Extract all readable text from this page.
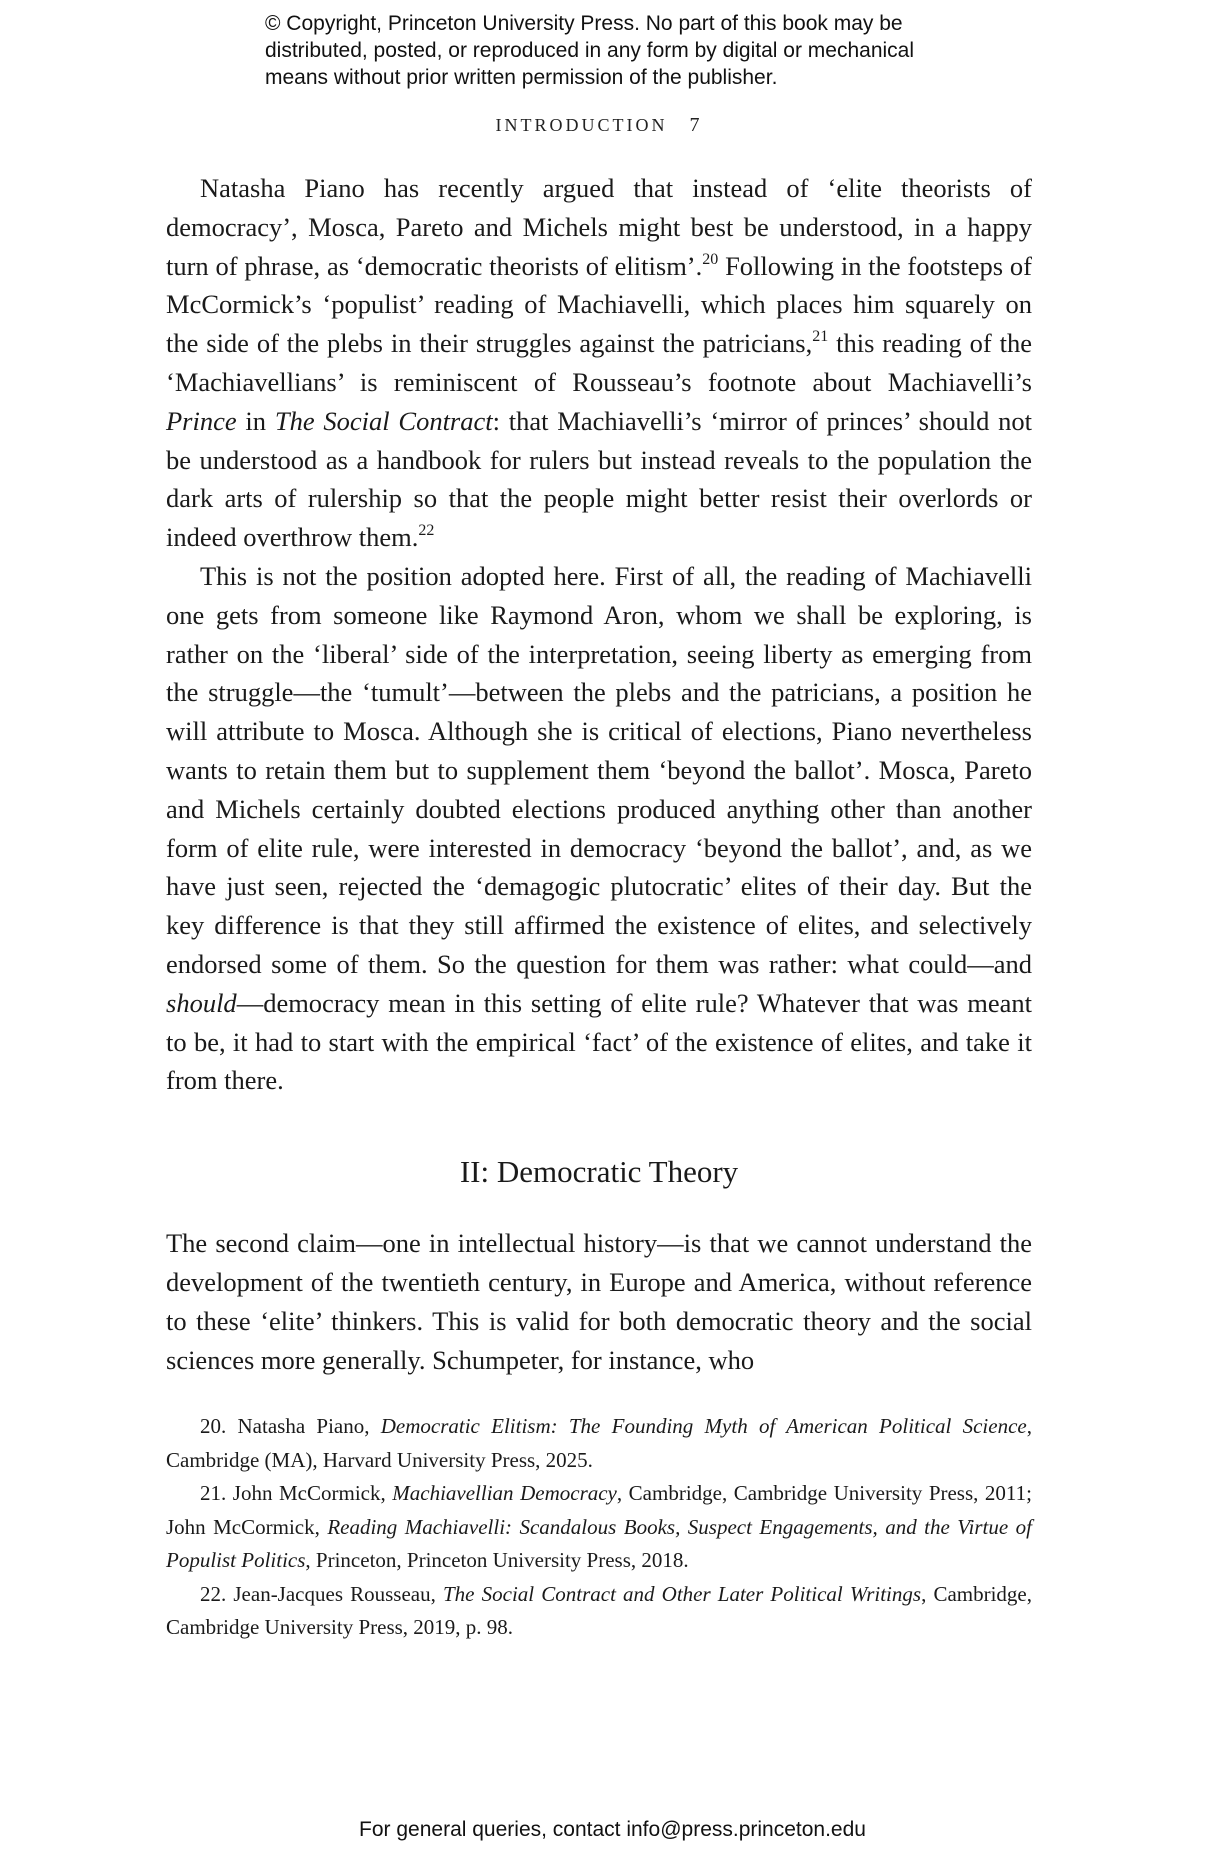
© Copyright, Princeton University Press. No part of this book may be
distributed, posted, or reproduced in any form by digital or mechanical
means without prior written permission of the publisher.
INTRODUCTION 7

Natasha Piano has recently argued that instead of ‘elite theorists of democracy’, Mosca, Pareto and Michels might best be understood, in a happy turn of phrase, as ‘democratic theorists of elitism’.$^{20}$ Following in the footsteps of McCormick’s ‘populist’ reading of Machiavelli, which places him squarely on the side of the plebs in their struggles against the patricians,$^{21}$ this reading of the ‘Machiavellians’ is reminiscent of Rousseau’s footnote about Machiavelli’s Prince in The Social Contract: that Machiavelli’s ‘mirror of princes’ should not be understood as a handbook for rulers but instead reveals to the population the dark arts of rulership so that the people might better resist their overlords or indeed overthrow them.$^{22}$

This is not the position adopted here. First of all, the reading of Machiavelli one gets from someone like Raymond Aron, whom we shall be exploring, is rather on the ‘liberal’ side of the interpretation, seeing liberty as emerging from the struggle—the ‘tumult’—between the plebs and the patricians, a position he will attribute to Mosca. Although she is critical of elections, Piano nevertheless wants to retain them but to supplement them ‘beyond the ballot’. Mosca, Pareto and Michels certainly doubted elections produced anything other than another form of elite rule, were interested in democracy ‘beyond the ballot’, and, as we have just seen, rejected the ‘demagogic plutocratic’ elites of their day. But the key difference is that they still affirmed the existence of elites, and selectively endorsed some of them. So the question for them was rather: what could—and should—democracy mean in this setting of elite rule? Whatever that was meant to be, it had to start with the empirical ‘fact’ of the existence of elites, and take it from there.

II: Democratic Theory

The second claim—one in intellectual history—is that we cannot understand the development of the twentieth century, in Europe and America, without reference to these ‘elite’ thinkers. This is valid for both democratic theory and the social sciences more generally. Schumpeter, for instance, who

20. Natasha Piano, Democratic Elitism: The Founding Myth of American Political Science, Cambridge (MA), Harvard University Press, 2025.

21. John McCormick, Machiavellian Democracy, Cambridge, Cambridge University Press, 2011; John McCormick, Reading Machiavelli: Scandalous Books, Suspect Engagements, and the Virtue of Populist Politics, Princeton, Princeton University Press, 2018.

22. Jean-Jacques Rousseau, The Social Contract and Other Later Political Writings, Cambridge, Cambridge University Press, 2019, p. 98.

For general queries, contact info@press.princeton.edu
